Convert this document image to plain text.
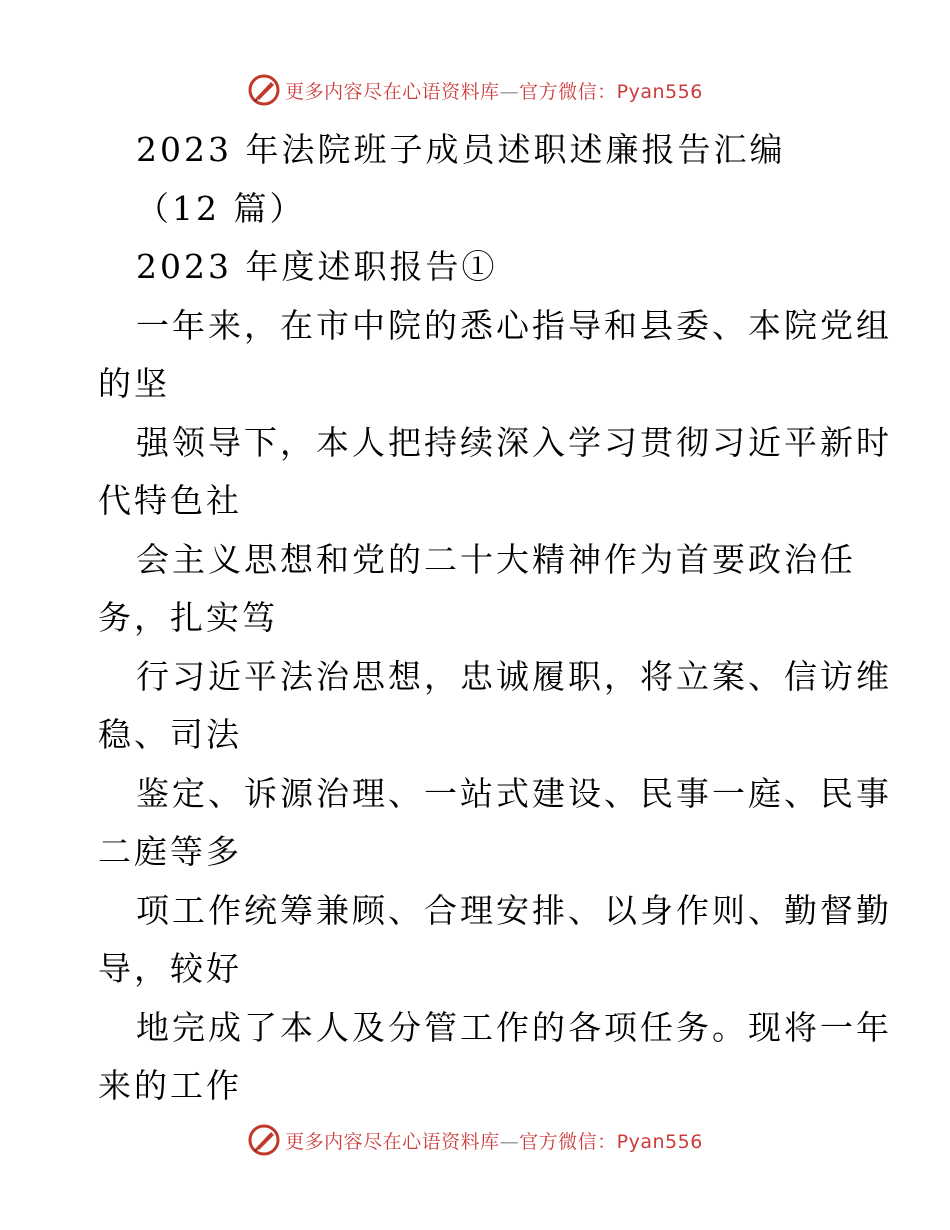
更多内容尽在心语资料库—官方微信：Pyan556
2023 年法院班子成员述职述廉报告汇编
（12 篇）
2023 年度述职报告①
一年来，在市中院的悉心指导和县委、本院党组
的坚
强领导下，本人把持续深入学习贯彻习近平新时
代特色社
会主义思想和党的二十大精神作为首要政治任
务，扎实笃
行习近平法治思想，忠诚履职，将立案、信访维
稳、司法
鉴定、诉源治理、一站式建设、民事一庭、民事
二庭等多
项工作统筹兼顾、合理安排、以身作则、勤督勤
导，较好
地完成了本人及分管工作的各项任务。现将一年
来的工作
更多内容尽在心语资料库—官方微信：Pyan556
